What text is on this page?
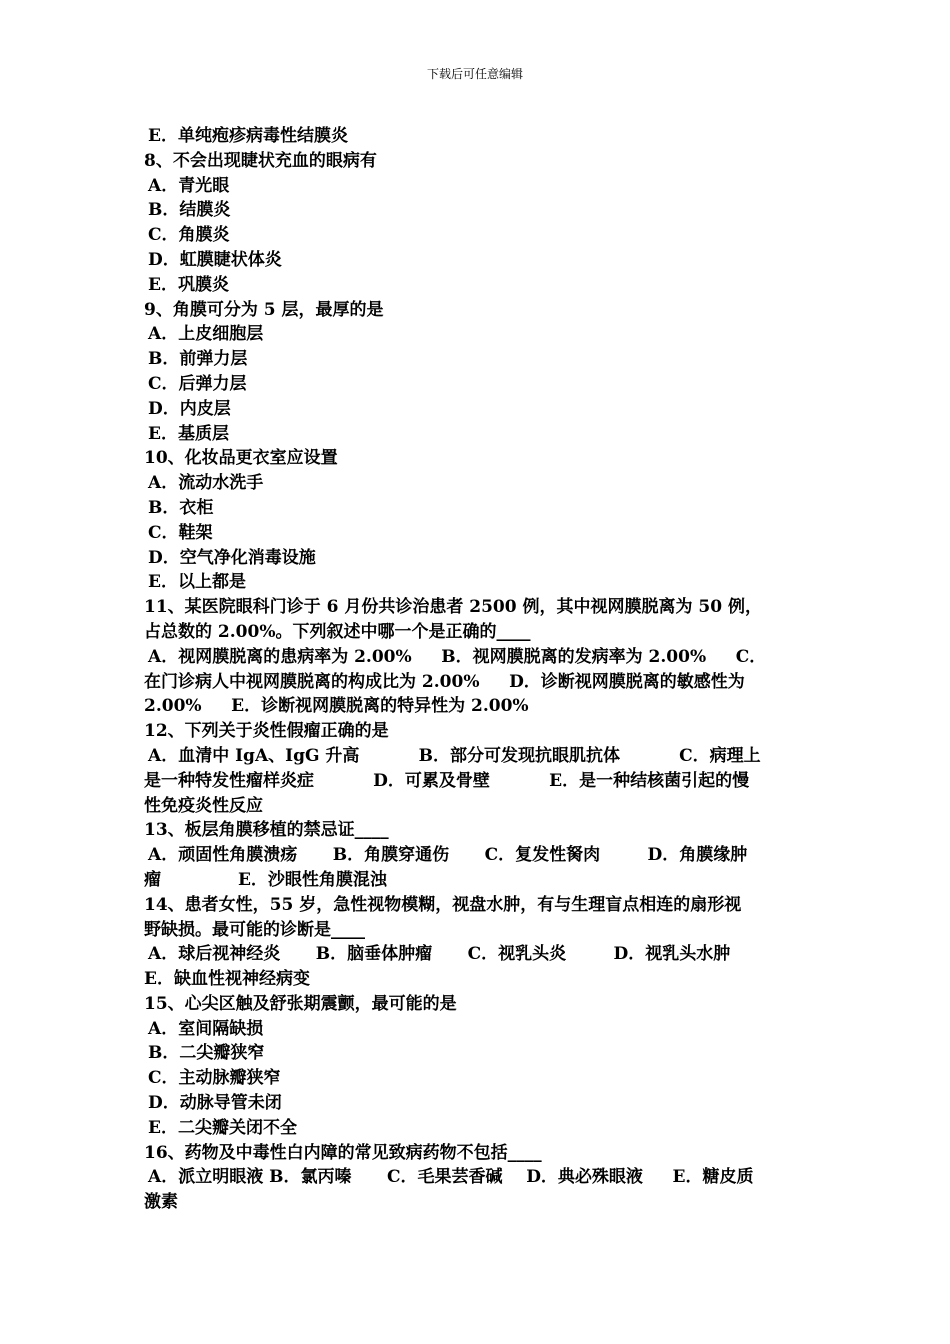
下载后可任意编辑
E．单纯疱疹病毒性结膜炎
8、不会出现睫状充血的眼病有
A．青光眼
B．结膜炎
C．角膜炎
D．虹膜睫状体炎
E．巩膜炎
9、角膜可分为 5 层，最厚的是
A．上皮细胞层
B．前弹力层
C．后弹力层
D．内皮层
E．基质层
10、化妆品更衣室应设置
A．流动水洗手
B．衣柜
C．鞋架
D．空气净化消毒设施
E．以上都是
11、某医院眼科门诊于 6 月份共诊治患者 2500 例，其中视网膜脱离为 50 例，
占总数的 2.00%。下列叙述中哪一个是正确的____
A．视网膜脱离的患病率为 2.00%     B．视网膜脱离的发病率为 2.00%     C．
在门诊病人中视网膜脱离的构成比为 2.00%     D．诊断视网膜脱离的敏感性为
2.00%     E．诊断视网膜脱离的特异性为 2.00%
12、下列关于炎性假瘤正确的是
A．血清中 IgA、IgG 升高          B．部分可发现抗眼肌抗体          C．病理上
是一种特发性瘤样炎症          D．可累及骨壁          E．是一种结核菌引起的慢
性免疫炎性反应
13、板层角膜移植的禁忌证____
A．顽固性角膜溃疡      B．角膜穿通伤      C．复发性胬肉        D．角膜缘肿
瘤             E．沙眼性角膜混浊
14、患者女性，55 岁，急性视物模糊，视盘水肿，有与生理盲点相连的扇形视
野缺损。最可能的诊断是____
A．球后视神经炎      B．脑垂体肿瘤      C．视乳头炎        D．视乳头水肿
E．缺血性视神经病变
15、心尖区触及舒张期震颤，最可能的是
A．室间隔缺损
B．二尖瓣狭窄
C．主动脉瓣狭窄
D．动脉导管未闭
E．二尖瓣关闭不全
16、药物及中毒性白内障的常见致病药物不包括____
A．派立明眼液 B．氯丙嗪      C．毛果芸香碱    D．典必殊眼液     E．糖皮质
激素
